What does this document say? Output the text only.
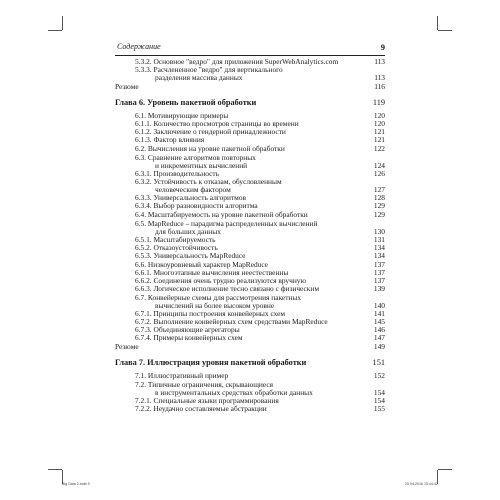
Содержание	9
5.3.2. Основное "ведро" для приложения SuperWebAnalytics.com	113
5.3.3. Расчлененное "ведро" для вертикального
разделения массива данных	113
Резюме	116
Глава 6. Уровень пакетной обработки	119
6.1. Мотивирующие примеры	120
6.1.1. Количество просмотров страницы во времени	120
6.1.2. Заключение о гендерной принадлежности	121
6.1.3. Фактор влияния	121
6.2. Вычисления на уровне пакетной обработки	122
6.3. Сравнение алгоритмов повторных
и инкрементных вычислений	124
6.3.1. Производительность	126
6.3.2. Устойчивость к отказам, обусловленным
человеческим фактором	127
6.3.3. Универсальность алгоритмов	128
6.3.4. Выбор разновидности алгоритма	129
6.4. Масштабируемость на уровне пакетной обработки	129
6.5. MapReduce – парадигма распределенных вычислений
для больших данных	130
6.5.1. Масштабируемость	131
6.5.2. Отказоустойчивость	134
6.5.3. Универсальность MapReduce	134
6.6. Низкоуровневый характер MapReduce	137
6.6.1. Многоэтапные вычисления неестественны	137
6.6.2. Соединения очень трудно реализуются вручную	137
6.6.3. Логическое исполнение тесно связано с физическим	139
6.7. Конвейерные схемы для рассмотрения пакетных
вычислений на более высоком уровне	140
6.7.1. Принципы построения конвейерных схем	141
6.7.2. Выполнение конвейерных схем средствами MapReduce	145
6.7.3. Объединяющие агрегаторы	146
6.7.4. Примеры конвейерных схем	147
Резюме	149
Глава 7. Иллюстрация уровня пакетной обработки	151
7.1. Иллюстративный пример	152
7.2. Типичные ограничения, скрывающиеся
в инструментальных средствах обработки данных	154
7.2.1. Специальные языки программирования	154
7.2.2. Неудачно составляемые абстракции	155
Big Data 2.indb 9	25.04.2016 15:44:42
